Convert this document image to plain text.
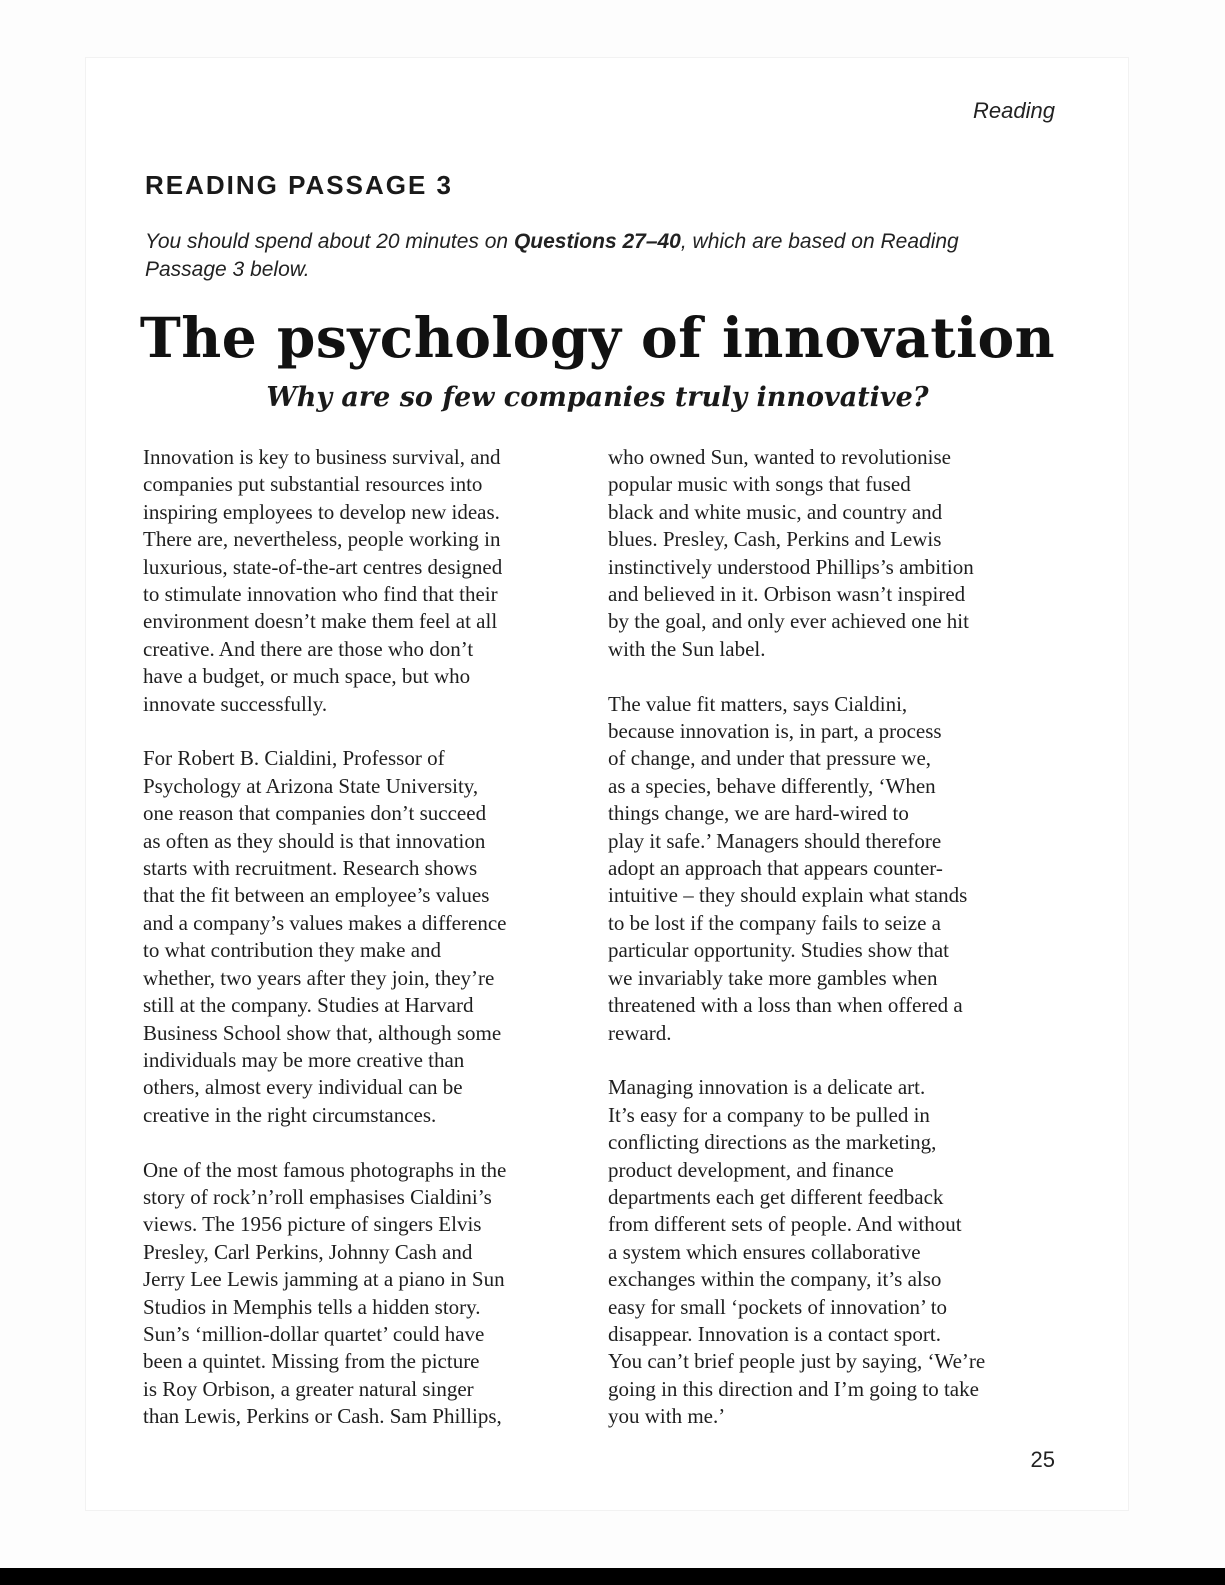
Reading
READING PASSAGE 3
You should spend about 20 minutes on Questions 27–40, which are based on Reading
Passage 3 below.
The psychology of innovation
Why are so few companies truly innovative?
Innovation is key to business survival, and
companies put substantial resources into
inspiring employees to develop new ideas.
There are, nevertheless, people working in
luxurious, state-of-the-art centres designed
to stimulate innovation who find that their
environment doesn’t make them feel at all
creative. And there are those who don’t
have a budget, or much space, but who
innovate successfully.
For Robert B. Cialdini, Professor of
Psychology at Arizona State University,
one reason that companies don’t succeed
as often as they should is that innovation
starts with recruitment. Research shows
that the fit between an employee’s values
and a company’s values makes a difference
to what contribution they make and
whether, two years after they join, they’re
still at the company. Studies at Harvard
Business School show that, although some
individuals may be more creative than
others, almost every individual can be
creative in the right circumstances.
One of the most famous photographs in the
story of rock’n’roll emphasises Cialdini’s
views. The 1956 picture of singers Elvis
Presley, Carl Perkins, Johnny Cash and
Jerry Lee Lewis jamming at a piano in Sun
Studios in Memphis tells a hidden story.
Sun’s ‘million-dollar quartet’ could have
been a quintet. Missing from the picture
is Roy Orbison, a greater natural singer
than Lewis, Perkins or Cash. Sam Phillips,
who owned Sun, wanted to revolutionise
popular music with songs that fused
black and white music, and country and
blues. Presley, Cash, Perkins and Lewis
instinctively understood Phillips’s ambition
and believed in it. Orbison wasn’t inspired
by the goal, and only ever achieved one hit
with the Sun label.
The value fit matters, says Cialdini,
because innovation is, in part, a process
of change, and under that pressure we,
as a species, behave differently, ‘When
things change, we are hard-wired to
play it safe.’ Managers should therefore
adopt an approach that appears counter-
intuitive – they should explain what stands
to be lost if the company fails to seize a
particular opportunity. Studies show that
we invariably take more gambles when
threatened with a loss than when offered a
reward.
Managing innovation is a delicate art.
It’s easy for a company to be pulled in
conflicting directions as the marketing,
product development, and finance
departments each get different feedback
from different sets of people. And without
a system which ensures collaborative
exchanges within the company, it’s also
easy for small ‘pockets of innovation’ to
disappear. Innovation is a contact sport.
You can’t brief people just by saying, ‘We’re
going in this direction and I’m going to take
you with me.’
25
